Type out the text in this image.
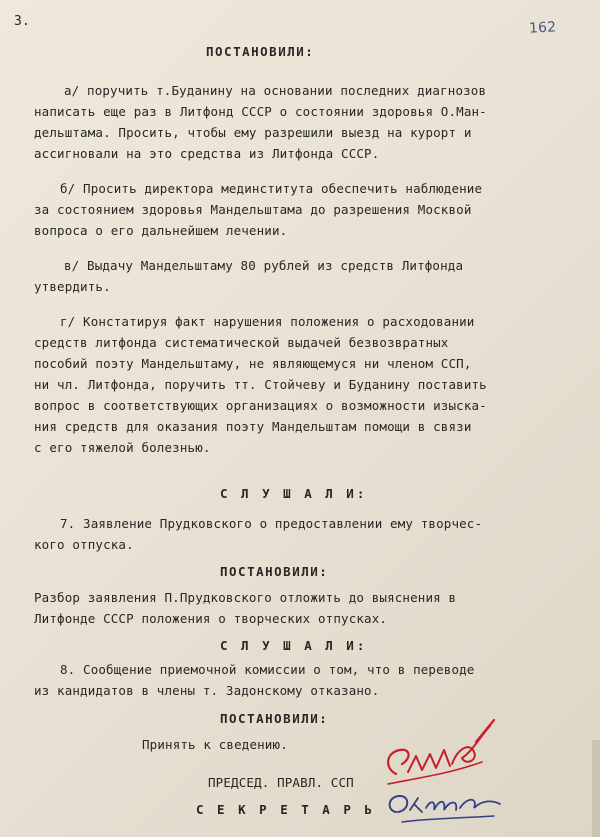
3.	162
ПОСТАНОВИЛИ:
а/ поручить т.Буданину на основании последних диагнозов
написать еще раз в Литфонд СССР о состоянии здоровья О.Ман-
дельштама. Просить, чтобы ему разрешили выезд на курорт и
ассигновали на это средства из Литфонда СССР.
б/ Просить директора мединститута обеспечить наблюдение
за состоянием здоровья Мандельштама до разрешения Москвой
вопроса о его дальнейшем лечении.
в/ Выдачу Мандельштаму 80 рублей из средств Литфонда
утвердить.
г/ Констатируя факт нарушения положения о расходовании
средств литфонда систематической выдачей безвозвратных
пособий поэту Мандельштаму, не являющемуся ни членом ССП,
ни чл. Литфонда, поручить тт. Стойчеву и Буданину поставить
вопрос в соответствующих организациях о возможности изыска-
ния средств для оказания поэту Мандельштам помощи в связи
с его тяжелой болезнью.
С Л У Ш А Л И:
7. Заявление Прудковского о предоставлении ему творчес-
кого отпуска.
ПОСТАНОВИЛИ:
Разбор заявления П.Прудковского отложить до выяснения в
Литфонде СССР положения о творческих отпусках.
С Л У Ш А Л И:
8. Сообщение приемочной комиссии о том, что в переводе
из кандидатов в члены т. Задонскому отказано.
ПОСТАНОВИЛИ:
Принять к сведению.
ПРЕДСЕД. ПРАВЛ. ССП
С Е К Р Е Т А Р Ь
